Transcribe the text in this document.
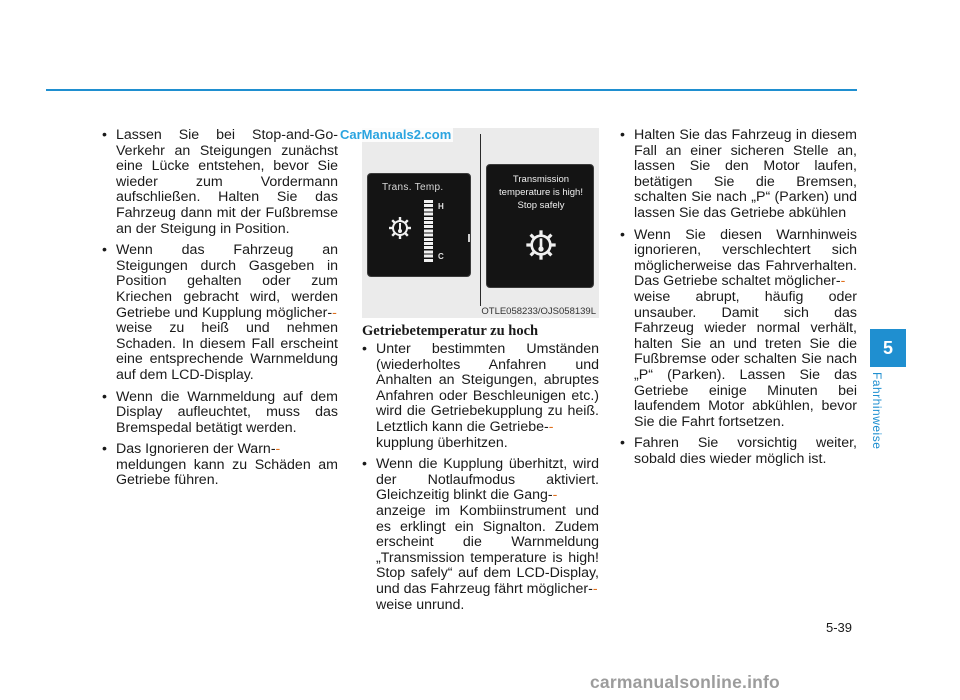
• Lassen Sie bei Stop-and-Go-Verkehr an Steigungen zunächst eine Lücke entstehen, bevor Sie wieder zum Vordermann aufschließen. Halten Sie das Fahrzeug dann mit der Fußbremse an der Steigung in Position.
• Wenn das Fahrzeug an Steigungen durch Gasgeben in Position gehalten oder zum Kriechen gebracht wird, werden Getriebe und Kupplung möglicher--
weise zu heiß und nehmen Schaden. In diesem Fall erscheint eine entsprechende Warnmeldung auf dem LCD-Display.
• Wenn die Warnmeldung auf dem Display aufleuchtet, muss das Bremspedal betätigt werden.
• Das Ignorieren der Warn--
meldungen kann zu Schäden am Getriebe führen.
Trans. Temp.
H
C
Transmission temperature is high! Stop safely
OTLE058233/OJS058139L
CarManuals2.com
Getriebetemperatur zu hoch
• Unter bestimmten Umständen (wiederholtes Anfahren und Anhalten an Steigungen, abruptes Anfahren oder Beschleunigen etc.) wird die Getriebekupplung zu heiß. Letztlich kann die Getriebe--
kupplung überhitzen.
• Wenn die Kupplung überhitzt, wird der Notlaufmodus aktiviert. Gleichzeitig blinkt die Gang--
anzeige im Kombiinstrument und es erklingt ein Signalton. Zudem erscheint die Warnmeldung „Transmission temperature is high! Stop safely“ auf dem LCD-Display, und das Fahrzeug fährt möglicher--
weise unrund.
• Halten Sie das Fahrzeug in diesem Fall an einer sicheren Stelle an, lassen Sie den Motor laufen, betätigen Sie die Bremsen, schalten Sie nach „P“ (Parken) und lassen Sie das Getriebe abkühlen
• Wenn Sie diesen Warnhinweis ignorieren, verschlechtert sich möglicherweise das Fahrverhalten. Das Getriebe schaltet möglicher--
weise abrupt, häufig oder unsauber. Damit sich das Fahrzeug wieder normal verhält, halten Sie an und treten Sie die Fußbremse oder schalten Sie nach „P“ (Parken). Lassen Sie das Getriebe einige Minuten bei laufendem Motor abkühlen, bevor Sie die Fahrt fortsetzen.
• Fahren Sie vorsichtig weiter, sobald dies wieder möglich ist.
5
Fahrhinweise
5-39
carmanualsonline.info
